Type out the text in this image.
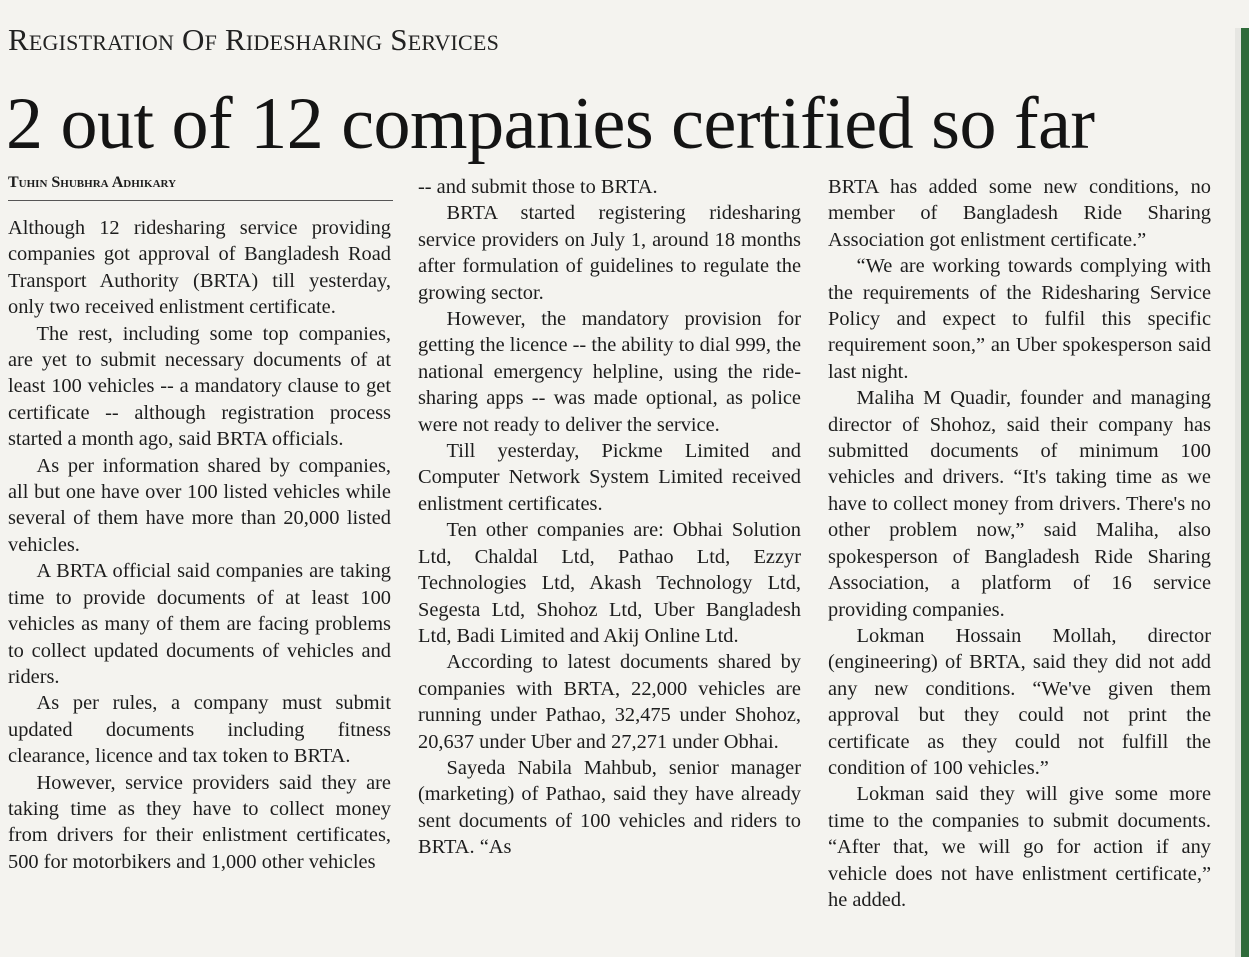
Registration Of Ridesharing Services
2 out of 12 companies certified so far
Tuhin Shubhra Adhikary

Although 12 ridesharing service providing companies got approval of Bangladesh Road Transport Authority (BRTA) till yesterday, only two received enlistment certificate.

The rest, including some top companies, are yet to submit necessary documents of at least 100 vehicles -- a mandatory clause to get certificate -- although registration process started a month ago, said BRTA officials.

As per information shared by companies, all but one have over 100 listed vehicles while several of them have more than 20,000 listed vehicles.

A BRTA official said companies are taking time to provide documents of at least 100 vehicles as many of them are facing problems to collect updated documents of vehicles and riders.

As per rules, a company must submit updated documents including fitness clearance, licence and tax token to BRTA.

However, service providers said they are taking time as they have to collect money from drivers for their enlistment certificates, 500 for motorbikers and 1,000 other vehicles

-- and submit those to BRTA.

BRTA started registering ridesharing service providers on July 1, around 18 months after formulation of guidelines to regulate the growing sector.

However, the mandatory provision for getting the licence -- the ability to dial 999, the national emergency helpline, using the ride-sharing apps -- was made optional, as police were not ready to deliver the service.

Till yesterday, Pickme Limited and Computer Network System Limited received enlistment certificates.

Ten other companies are: Obhai Solution Ltd, Chaldal Ltd, Pathao Ltd, Ezzyr Technologies Ltd, Akash Technology Ltd, Segesta Ltd, Shohoz Ltd, Uber Bangladesh Ltd, Badi Limited and Akij Online Ltd.

According to latest documents shared by companies with BRTA, 22,000 vehicles are running under Pathao, 32,475 under Shohoz, 20,637 under Uber and 27,271 under Obhai.

Sayeda Nabila Mahbub, senior manager (marketing) of Pathao, said they have already sent documents of 100 vehicles and riders to BRTA. “As

BRTA has added some new conditions, no member of Bangladesh Ride Sharing Association got enlistment certificate.”

“We are working towards complying with the requirements of the Ridesharing Service Policy and expect to fulfil this specific requirement soon,” an Uber spokesperson said last night.

Maliha M Quadir, founder and managing director of Shohoz, said their company has submitted documents of minimum 100 vehicles and drivers. “It's taking time as we have to collect money from drivers. There's no other problem now,” said Maliha, also spokesperson of Bangladesh Ride Sharing Association, a platform of 16 service providing companies.

Lokman Hossain Mollah, director (engineering) of BRTA, said they did not add any new conditions. “We've given them approval but they could not print the certificate as they could not fulfill the condition of 100 vehicles.”

Lokman said they will give some more time to the companies to submit documents. “After that, we will go for action if any vehicle does not have enlistment certificate,” he added.
